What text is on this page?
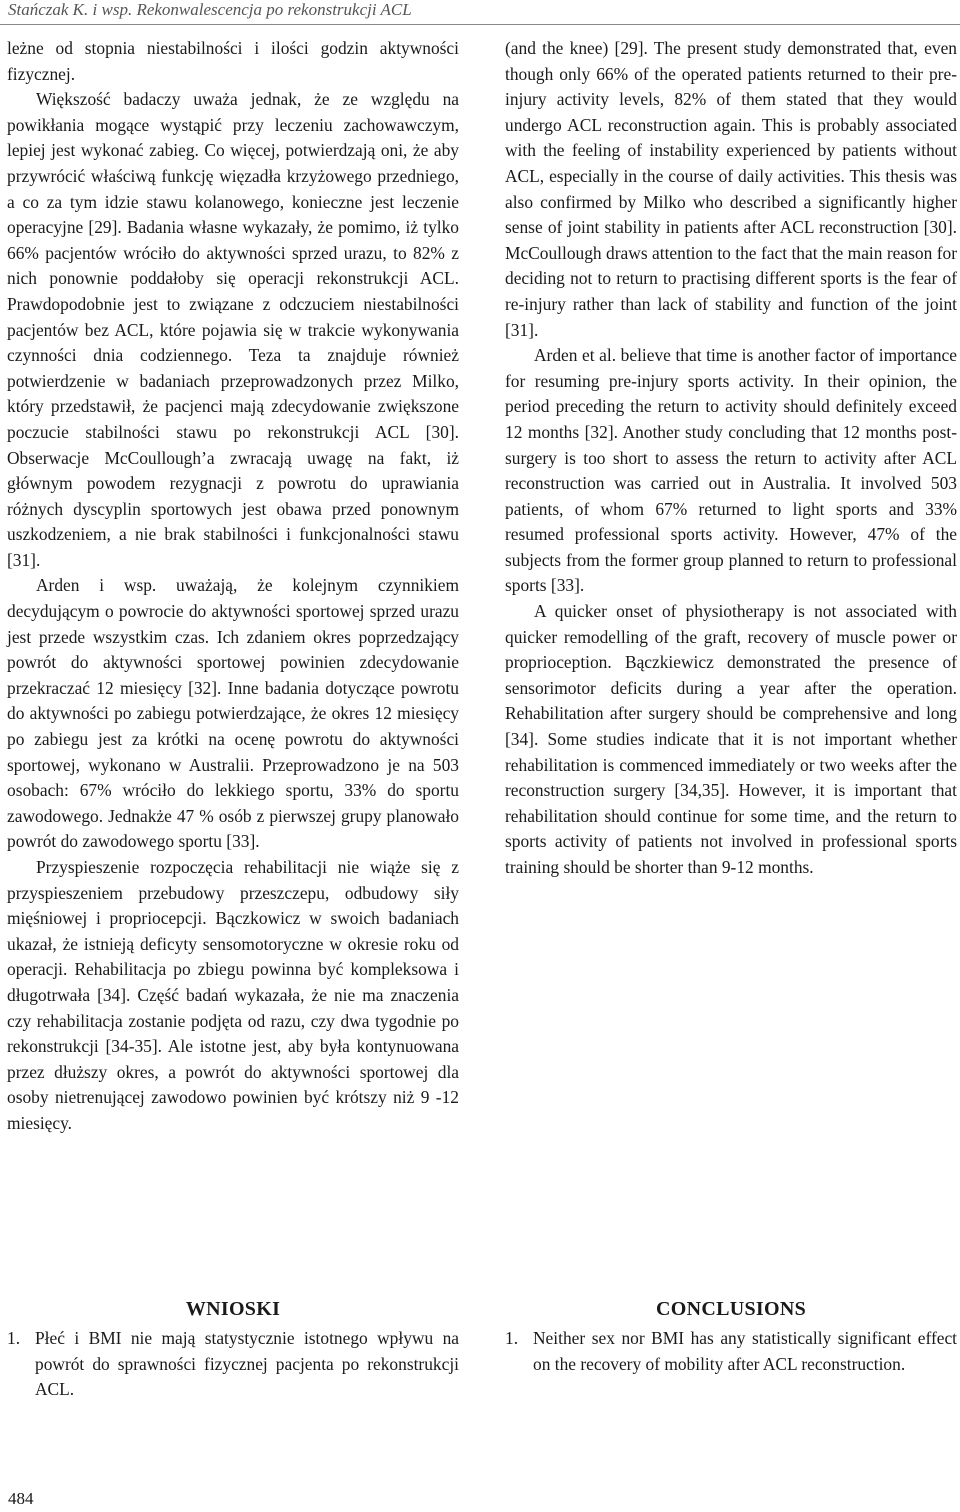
Stańczak K. i wsp. Rekonwalescencja po rekonstrukcji ACL

leżne od stopnia niestabilności i ilości godzin aktywności fizycznej.

Większość badaczy uważa jednak, że ze względu na powikłania mogące wystąpić przy leczeniu zachowawczym, lepiej jest wykonać zabieg. Co więcej, potwierdzają oni, że aby przywrócić właściwą funkcję więzadła krzyżowego przedniego, a co za tym idzie stawu kolanowego, konieczne jest leczenie operacyjne [29]. Badania własne wykazały, że pomimo, iż tylko 66% pacjentów wróciło do aktywności sprzed urazu, to 82% z nich ponownie poddałoby się operacji rekonstrukcji ACL. Prawdopodobnie jest to związane z odczuciem niestabilności pacjentów bez ACL, które pojawia się w trakcie wykonywania czynności dnia codziennego. Teza ta znajduje również potwierdzenie w badaniach przeprowadzonych przez Milko, który przedstawił, że pacjenci mają zdecydowanie zwiększone poczucie stabilności stawu po rekonstrukcji ACL [30]. Obserwacje McCoullough’a zwracają uwagę na fakt, iż głównym powodem rezygnacji z powrotu do uprawiania różnych dyscyplin sportowych jest obawa przed ponownym uszkodzeniem, a nie brak stabilności i funkcjonalności stawu [31].

Arden i wsp. uważają, że kolejnym czynnikiem decydującym o powrocie do aktywności sportowej sprzed urazu jest przede wszystkim czas. Ich zdaniem okres poprzedzający powrót do aktywności sportowej powinien zdecydowanie przekraczać 12 miesięcy [32]. Inne badania dotyczące powrotu do aktywności po zabiegu potwierdzające, że okres 12 miesięcy po zabiegu jest za krótki na ocenę powrotu do aktywności sportowej, wykonano w Australii. Przeprowadzono je na 503 osobach: 67% wróciło do lekkiego sportu, 33% do sportu zawodowego. Jednakże 47 % osób z pierwszej grupy planowało powrót do zawodowego sportu [33].

Przyspieszenie rozpoczęcia rehabilitacji nie wiąże się z przyspieszeniem przebudowy przeszczepu, odbudowy siły mięśniowej i propriocepcji. Bączkowicz w swoich badaniach ukazał, że istnieją deficyty sensomotoryczne w okresie roku od operacji. Rehabilitacja po zbiegu powinna być kompleksowa i długotrwała [34]. Część badań wykazała, że nie ma znaczenia czy rehabilitacja zostanie podjęta od razu, czy dwa tygodnie po rekonstrukcji [34-35]. Ale istotne jest, aby była kontynuowana przez dłuższy okres, a powrót do aktywności sportowej dla osoby nietrenującej zawodowo powinien być krótszy niż 9 -12 miesięcy.

(and the knee) [29]. The present study demonstrated that, even though only 66% of the operated patients returned to their pre-injury activity levels, 82% of them stated that they would undergo ACL reconstruction again. This is probably associated with the feeling of instability experienced by patients without ACL, especially in the course of daily activities. This thesis was also confirmed by Milko who described a significantly higher sense of joint stability in patients after ACL reconstruction [30]. McCoullough draws attention to the fact that the main reason for deciding not to return to practising different sports is the fear of re-injury rather than lack of stability and function of the joint [31].

Arden et al. believe that time is another factor of importance for resuming pre-injury sports activity. In their opinion, the period preceding the return to activity should definitely exceed 12 months [32]. Another study concluding that 12 months post-surgery is too short to assess the return to activity after ACL reconstruction was carried out in Australia. It involved 503 patients, of whom 67% returned to light sports and 33% resumed professional sports activity. However, 47% of the subjects from the former group planned to return to professional sports [33].

A quicker onset of physiotherapy is not associated with quicker remodelling of the graft, recovery of muscle power or proprioception. Bączkiewicz demonstrated the presence of sensorimotor deficits during a year after the operation. Rehabilitation after surgery should be comprehensive and long [34]. Some studies indicate that it is not important whether rehabilitation is commenced immediately or two weeks after the reconstruction surgery [34,35]. However, it is important that rehabilitation should continue for some time, and the return to sports activity of patients not involved in professional sports training should be shorter than 9-12 months.

WNIOSKI
1. Płeć i BMI nie mają statystycznie istotnego wpływu na powrót do sprawności fizycznej pacjenta po rekonstrukcji ACL.
CONCLUSIONS
1. Neither sex nor BMI has any statistically significant effect on the recovery of mobility after ACL reconstruction.
484
